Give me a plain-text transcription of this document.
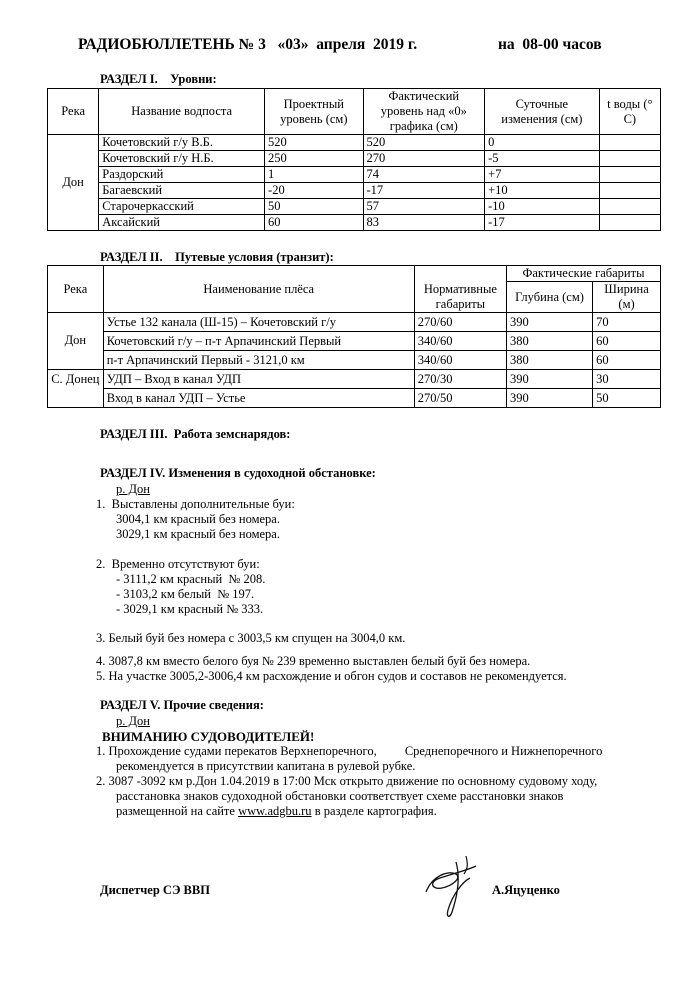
РАДИОБЮЛЛЕТЕНЬ № 3   «03»  апреля  2019 г.	на  08-00 часов
РАЗДЕЛ I.    Уровни:
Река	Название водпоста	Проектный уровень (см)	Фактический уровень над «0» графика (см)	Суточные изменения (см)	t воды (° C)
Дон	Кочетовский г/у В.Б.	520	520	0	
	Кочетовский г/у Н.Б.	250	270	-5	
	Раздорский	1	74	+7	
	Багаевский	-20	-17	+10	
	Старочеркасский	50	57	-10	
	Аксайский	60	83	-17	
РАЗДЕЛ II.    Путевые условия (транзит):
Река	Наименование плёса	Нормативные габариты	Фактические габариты	
			Глубина (см)	Ширина (м)
Дон	Устье 132 канала (Ш-15) – Кочетовский г/у	270/60	390	70
	Кочетовский г/у – п-т Арпачинский Первый	340/60	380	60
	п-т Арпачинский Первый - 3121,0 км	340/60	380	60
С. Донец	УДП – Вход в канал УДП	270/30	390	30
	Вход в канал УДП – Устье	270/50	390	50
РАЗДЕЛ III.  Работа земснарядов:
РАЗДЕЛ IV. Изменения в судоходной обстановке:
р. Дон
1.  Выставлены дополнительные буи:
3004,1 км красный без номера.
3029,1 км красный без номера.
2.  Временно отсутствуют буи:
- 3111,2 км красный  № 208.
- 3103,2 км белый  № 197.
- 3029,1 км красный № 333.
3. Белый буй без номера с 3003,5 км спущен на 3004,0 км.
4. 3087,8 км вместо белого буя № 239 временно выставлен белый буй без номера.
5. На участке 3005,2-3006,4 км расхождение и обгон судов и составов не рекомендуется.
РАЗДЕЛ V. Прочие сведения:
р. Дон
ВНИМАНИЮ СУДОВОДИТЕЛЕЙ!
1. Прохождение судами перекатов Верхнепоречного,         Среднепоречного и Нижнепоречного
рекомендуется в присутствии капитана в рулевой рубке.
2. 3087 -3092 км р.Дон 1.04.2019 в 17:00 Мск открыто движение по основному судовому ходу,
расстановка знаков судоходной обстановки соответствует схеме расстановки знаков
размещенной на сайте www.adgbu.ru в разделе картография.
Диспетчер СЭ ВВП	А.Яцуценко
